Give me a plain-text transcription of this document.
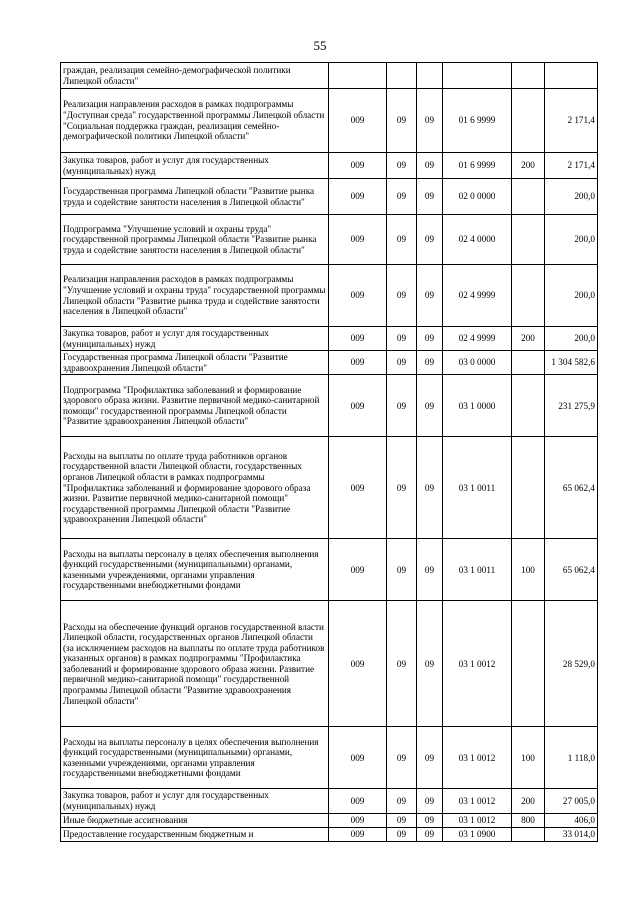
55
граждан, реализация семейно-демографической политики Липецкой области"						
Реализация направления расходов в рамках подпрограммы "Доступная среда" государственной программы Липецкой области "Социальная поддержка граждан, реализация семейно-демографической политики Липецкой области"	009	09	09	01 6 9999		2 171,4
Закупка товаров, работ и услуг для государственных (муниципальных) нужд	009	09	09	01 6 9999	200	2 171,4
Государственная программа Липецкой области "Развитие рынка труда и содействие занятости населения в Липецкой области"	009	09	09	02 0 0000		200,0
Подпрограмма "Улучшение условий и охраны труда" государственной программы Липецкой области "Развитие рынка труда и содействие занятости населения в Липецкой области"	009	09	09	02 4 0000		200,0
Реализация направления расходов в рамках подпрограммы "Улучшение условий и охраны труда" государственной программы Липецкой области "Развитие рынка труда и содействие занятости населения в Липецкой области"	009	09	09	02 4 9999		200,0
Закупка товаров, работ и услуг для государственных (муниципальных) нужд	009	09	09	02 4 9999	200	200,0
Государственная программа Липецкой области "Развитие здравоохранения Липецкой области"	009	09	09	03 0 0000		1 304 582,6
Подпрограмма "Профилактика заболеваний и формирование здорового образа жизни. Развитие первичной медико-санитарной помощи" государственной программы Липецкой области "Развитие здравоохранения Липецкой области"	009	09	09	03 1 0000		231 275,9
Расходы на выплаты по оплате труда работников органов государственной власти Липецкой области, государственных органов Липецкой области в рамках подпрограммы "Профилактика заболеваний и формирование здорового образа жизни. Развитие первичной медико-санитарной помощи" государственной программы Липецкой области "Развитие здравоохранения Липецкой области"	009	09	09	03 1 0011		65 062,4
Расходы на выплаты персоналу в целях обеспечения выполнения функций государственными (муниципальными) органами, казенными учреждениями, органами управления государственными внебюджетными фондами	009	09	09	03 1 0011	100	65 062,4
Расходы на обеспечение функций органов государственной власти Липецкой области, государственных органов Липецкой области (за исключением расходов на выплаты по оплате труда работников указанных органов) в рамках подпрограммы "Профилактика заболеваний и формирование здорового образа жизни. Развитие первичной медико-санитарной помощи" государственной программы Липецкой области "Развитие здравоохранения Липецкой области"	009	09	09	03 1 0012		28 529,0
Расходы на выплаты персоналу в целях обеспечения выполнения функций государственными (муниципальными) органами, казенными учреждениями, органами управления государственными внебюджетными фондами	009	09	09	03 1 0012	100	1 118,0
Закупка товаров, работ и услуг для государственных (муниципальных) нужд	009	09	09	03 1 0012	200	27 005,0
Иные бюджетные ассигнования	009	09	09	03 1 0012	800	406,0
Предоставление государственным бюджетным и	009	09	09	03 1 0900		33 014,0
